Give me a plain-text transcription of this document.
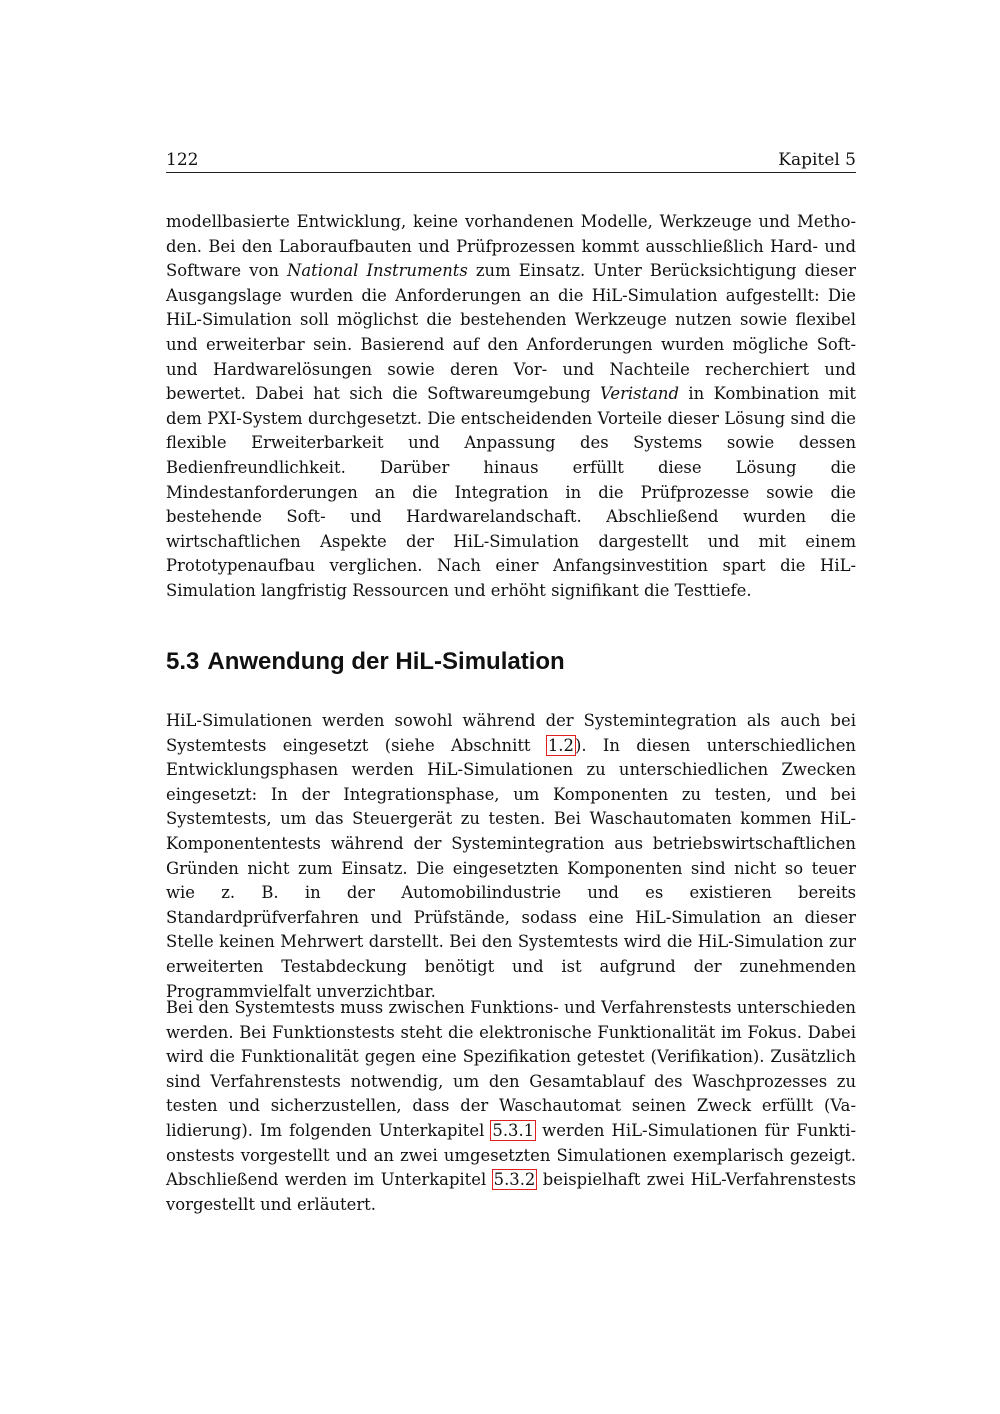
122	Kapitel 5

modellbasierte Entwicklung, keine vorhandenen Modelle, Werkzeuge und Methoden. Bei den Laboraufbauten und Prüfprozessen kommt ausschließlich Hard- und Software von National Instruments zum Einsatz. Unter Berücksichtigung dieser Ausgangslage wurden die Anforderungen an die HiL-Simulation aufgestellt: Die HiL-Simulation soll möglichst die bestehenden Werkzeuge nutzen sowie flexibel und erweiterbar sein. Basierend auf den Anforderungen wurden mögliche Soft- und Hardwarelösungen sowie deren Vor- und Nachteile recherchiert und bewertet. Dabei hat sich die Softwareumgebung Veristand in Kombination mit dem PXI-System durchgesetzt. Die entscheidenden Vorteile dieser Lösung sind die flexible Erweiterbarkeit und Anpassung des Systems sowie dessen Bedienfreundlichkeit. Darüber hinaus erfüllt diese Lösung die Mindestanforderungen an die Integration in die Prüfprozesse sowie die bestehende Soft- und Hardwarelandschaft. Abschließend wurden die wirtschaftlichen Aspekte der HiL-Simulation dargestellt und mit einem Prototypenaufbau verglichen. Nach einer Anfangsinvestition spart die HiL-Simulation langfristig Ressourcen und erhöht signifikant die Testtiefe.

5.3 Anwendung der HiL-Simulation

HiL-Simulationen werden sowohl während der Systemintegration als auch bei Systemtests eingesetzt (siehe Abschnitt 1.2). In diesen unterschiedlichen Entwicklungsphasen werden HiL-Simulationen zu unterschiedlichen Zwecken eingesetzt: In der Integrationsphase, um Komponenten zu testen, und bei Systemtests, um das Steuergerät zu testen. Bei Waschautomaten kommen HiL-Komponententests während der Systemintegration aus betriebswirtschaftlichen Gründen nicht zum Einsatz. Die eingesetzten Komponenten sind nicht so teuer wie z. B. in der Automobilindustrie und es existieren bereits Standardprüfverfahren und Prüfstände, sodass eine HiL-Simulation an dieser Stelle keinen Mehrwert darstellt. Bei den Systemtests wird die HiL-Simulation zur erweiterten Testabdeckung benötigt und ist aufgrund der zunehmenden Programmvielfalt unverzichtbar.

Bei den Systemtests muss zwischen Funktions- und Verfahrenstests unterschieden werden. Bei Funktionstests steht die elektronische Funktionalität im Fokus. Dabei wird die Funktionalität gegen eine Spezifikation getestet (Verifikation). Zusätzlich sind Verfahrenstests notwendig, um den Gesamtablauf des Waschprozesses zu testen und sicherzustellen, dass der Waschautomat seinen Zweck erfüllt (Validierung). Im folgenden Unterkapitel 5.3.1 werden HiL-Simulationen für Funktionstests vorgestellt und an zwei umgesetzten Simulationen exemplarisch gezeigt. Abschließend werden im Unterkapitel 5.3.2 beispielhaft zwei HiL-Verfahrenstests vorgestellt und erläutert.
